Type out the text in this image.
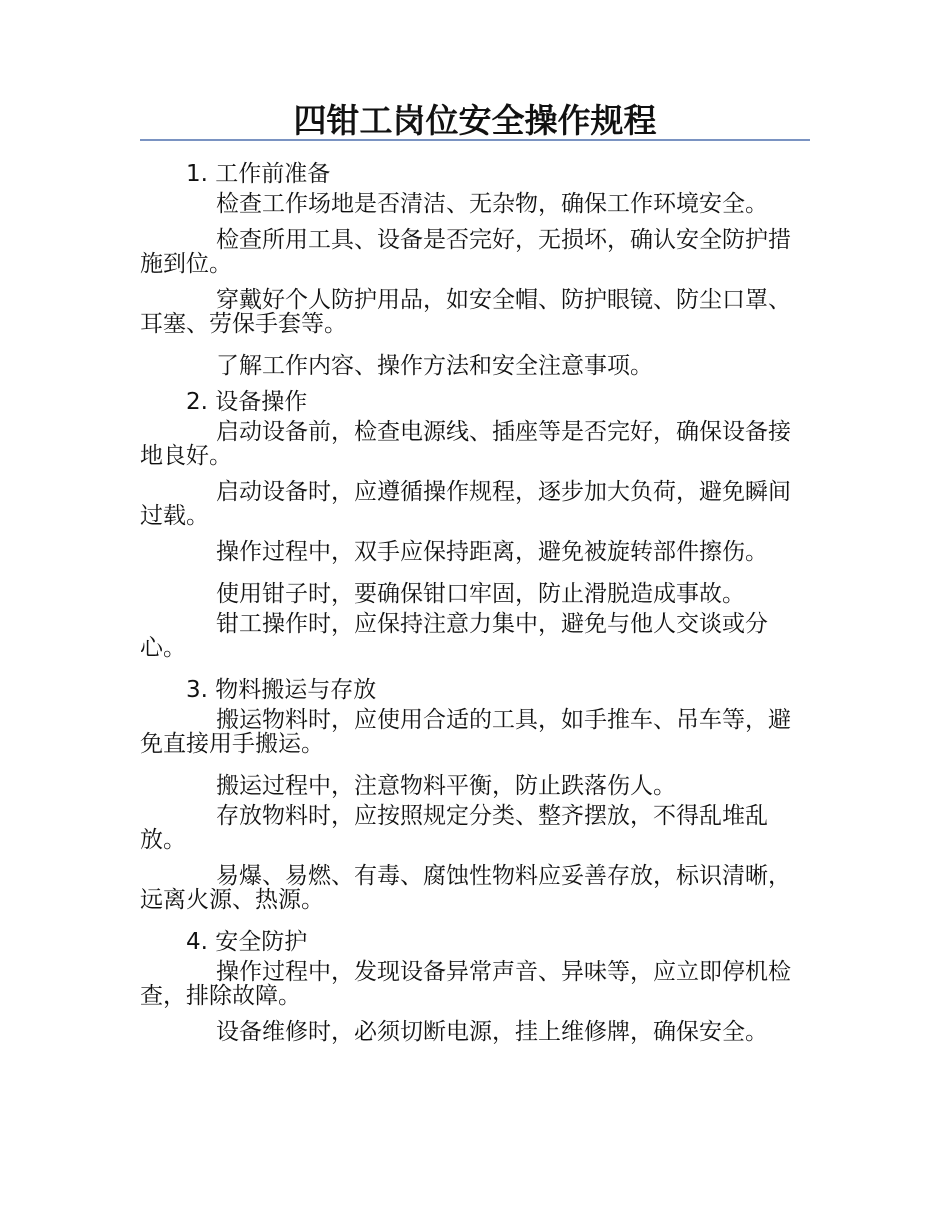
四钳工岗位安全操作规程

1. 工作前准备

检查工作场地是否清洁、无杂物，确保工作环境安全。

检查所用工具、设备是否完好，无损坏，确认安全防护措施到位。

穿戴好个人防护用品，如安全帽、防护眼镜、防尘口罩、耳塞、劳保手套等。

了解工作内容、操作方法和安全注意事项。

2. 设备操作

启动设备前，检查电源线、插座等是否完好，确保设备接地良好。

启动设备时，应遵循操作规程，逐步加大负荷，避免瞬间过载。

操作过程中，双手应保持距离，避免被旋转部件擦伤。

使用钳子时，要确保钳口牢固，防止滑脱造成事故。

钳工操作时，应保持注意力集中，避免与他人交谈或分心。

3. 物料搬运与存放

搬运物料时，应使用合适的工具，如手推车、吊车等，避免直接用手搬运。

搬运过程中，注意物料平衡，防止跌落伤人。

存放物料时，应按照规定分类、整齐摆放，不得乱堆乱放。

易爆、易燃、有毒、腐蚀性物料应妥善存放，标识清晰，远离火源、热源。

4. 安全防护

操作过程中，发现设备异常声音、异味等，应立即停机检查，排除故障。

设备维修时，必须切断电源，挂上维修牌，确保安全。
